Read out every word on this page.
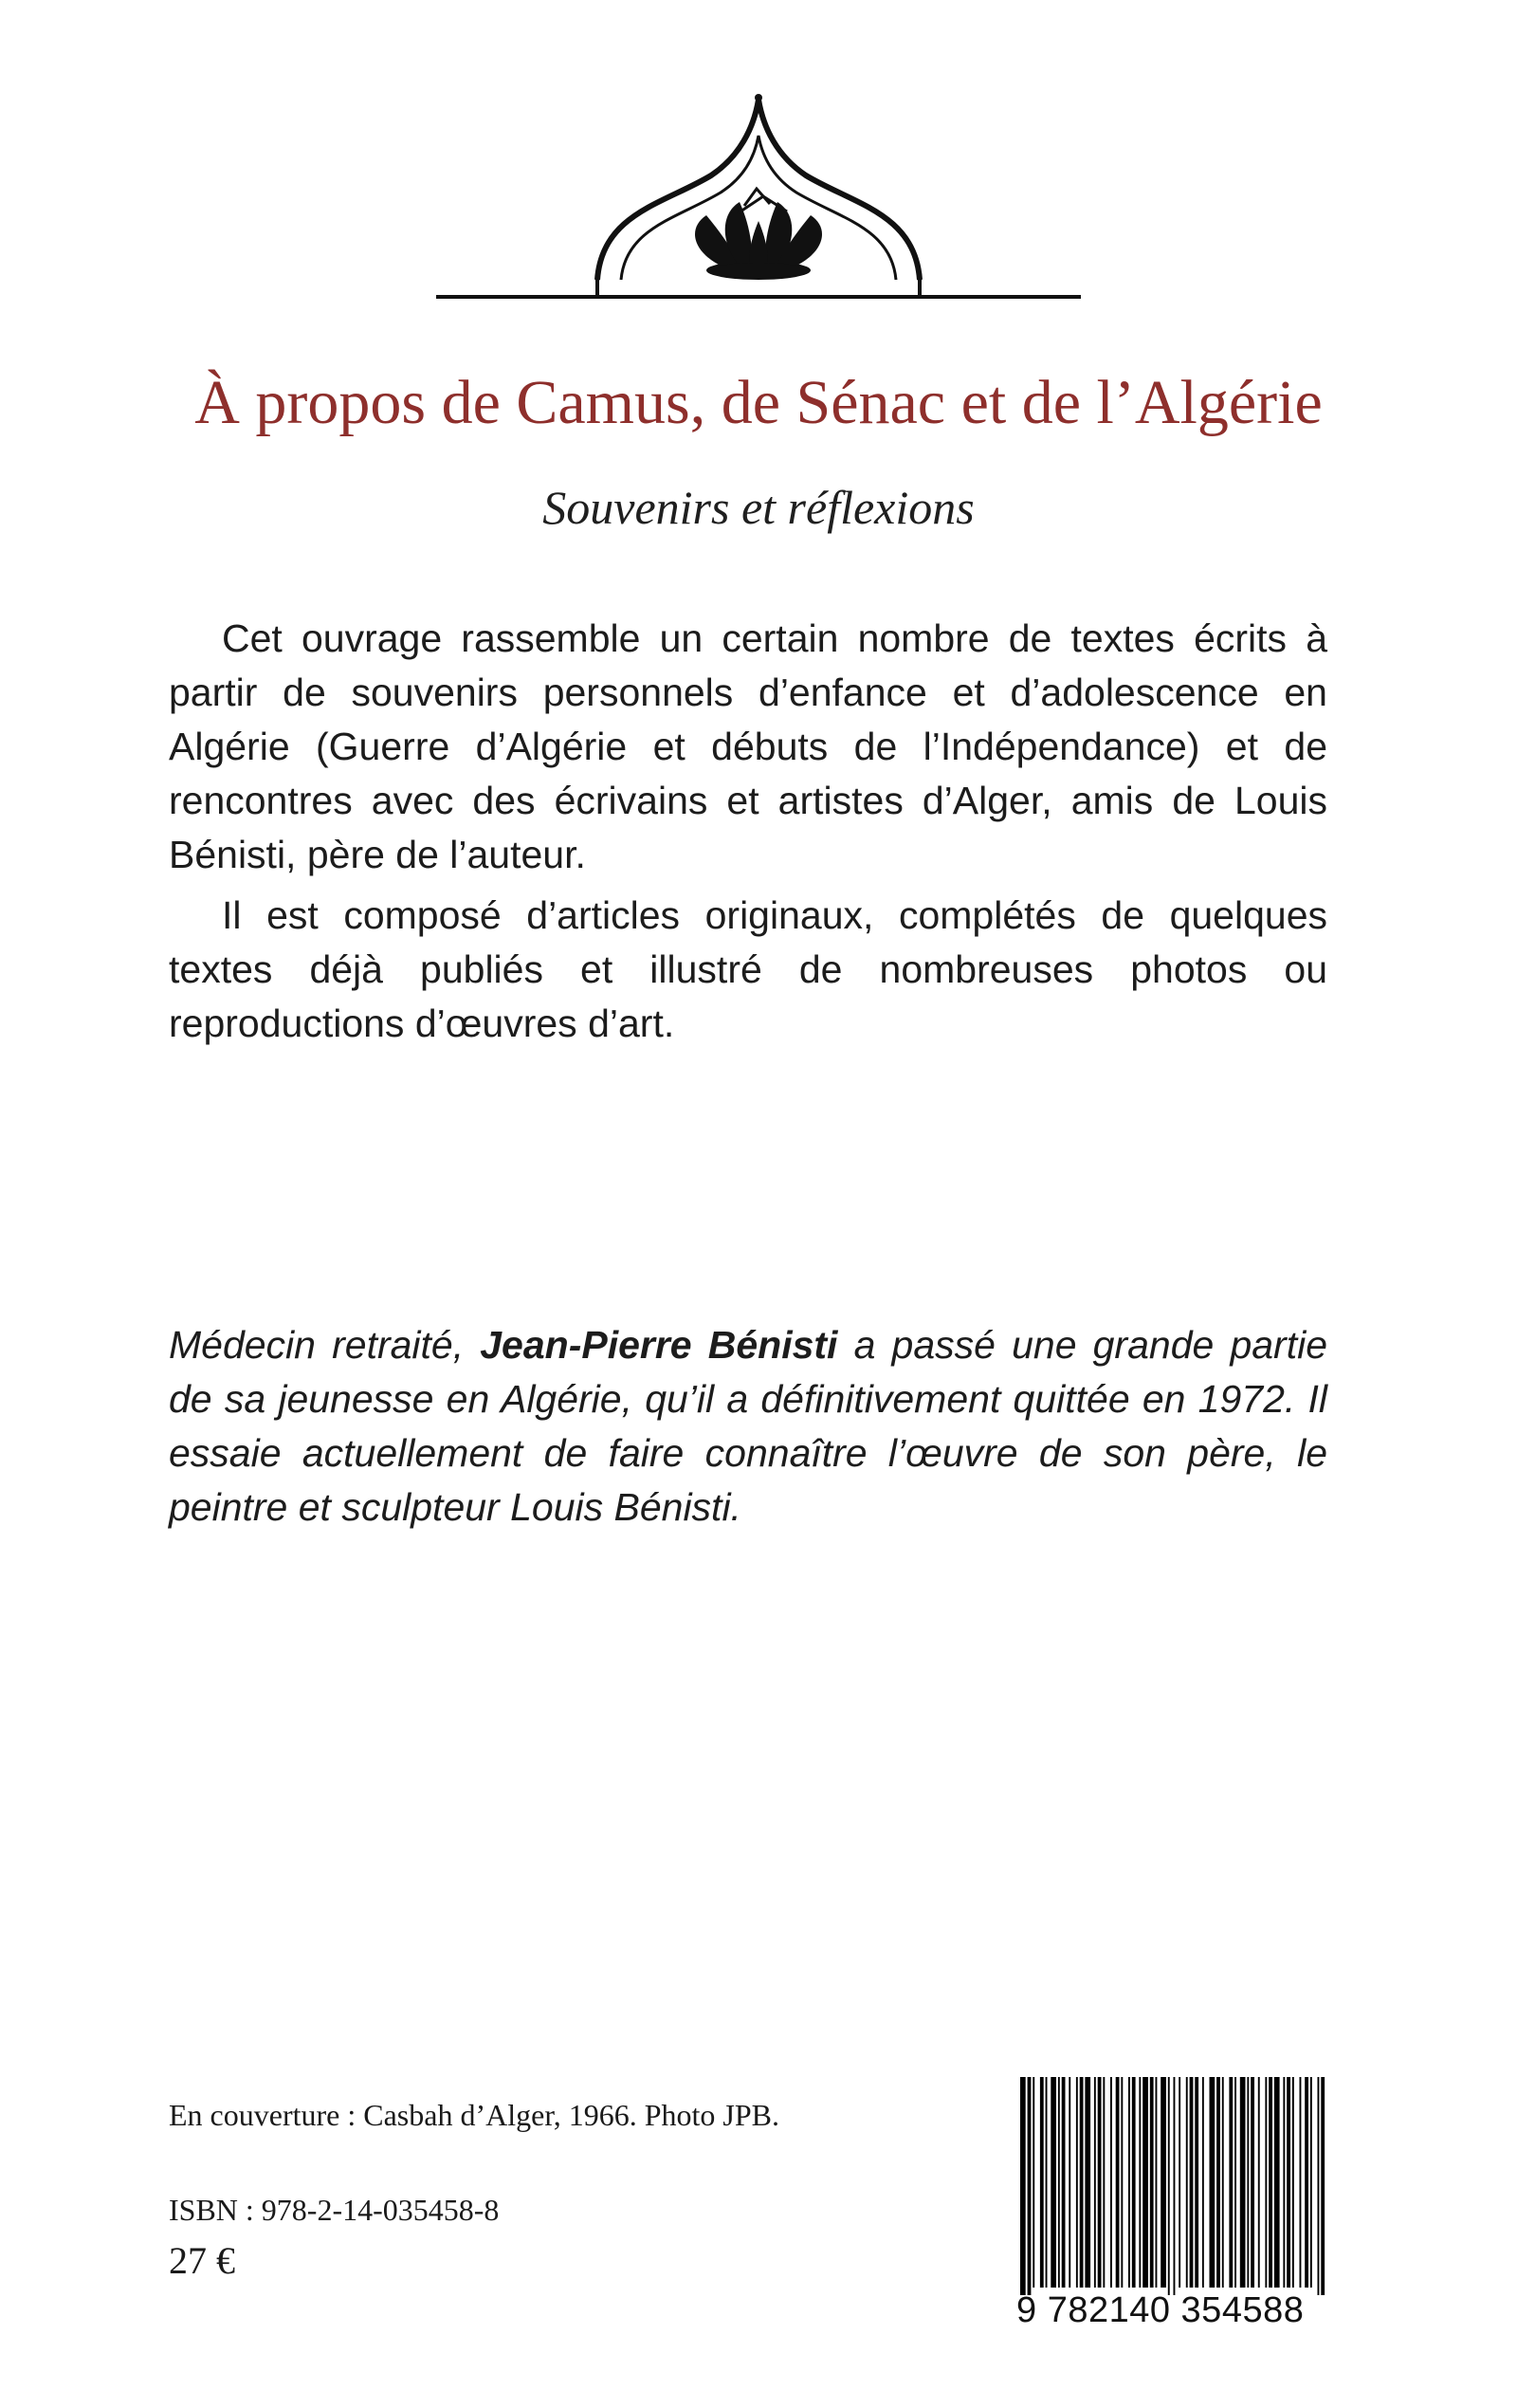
À propos de Camus, de Sénac et de l’Algérie

Souvenirs et réflexions

Cet ouvrage rassemble un certain nombre de textes écrits à partir de souvenirs personnels d’enfance et d’adolescence en Algérie (Guerre d’Algérie et débuts de l’Indépendance) et de rencontres avec des écrivains et artistes d’Alger, amis de Louis Bénisti, père de l’auteur.

Il est composé d’articles originaux, complétés de quelques textes déjà publiés et illustré de nombreuses photos ou reproductions d’œuvres d’art.

Médecin retraité, Jean-Pierre Bénisti a passé une grande partie de sa jeunesse en Algérie, qu’il a définitivement quittée en 1972. Il essaie actuellement de faire connaître l’œuvre de son père, le peintre et sculpteur Louis Bénisti.

En couverture : Casbah d’Alger, 1966. Photo JPB.

ISBN : 978-2-14-035458-8

27 €

9 782140 354588
